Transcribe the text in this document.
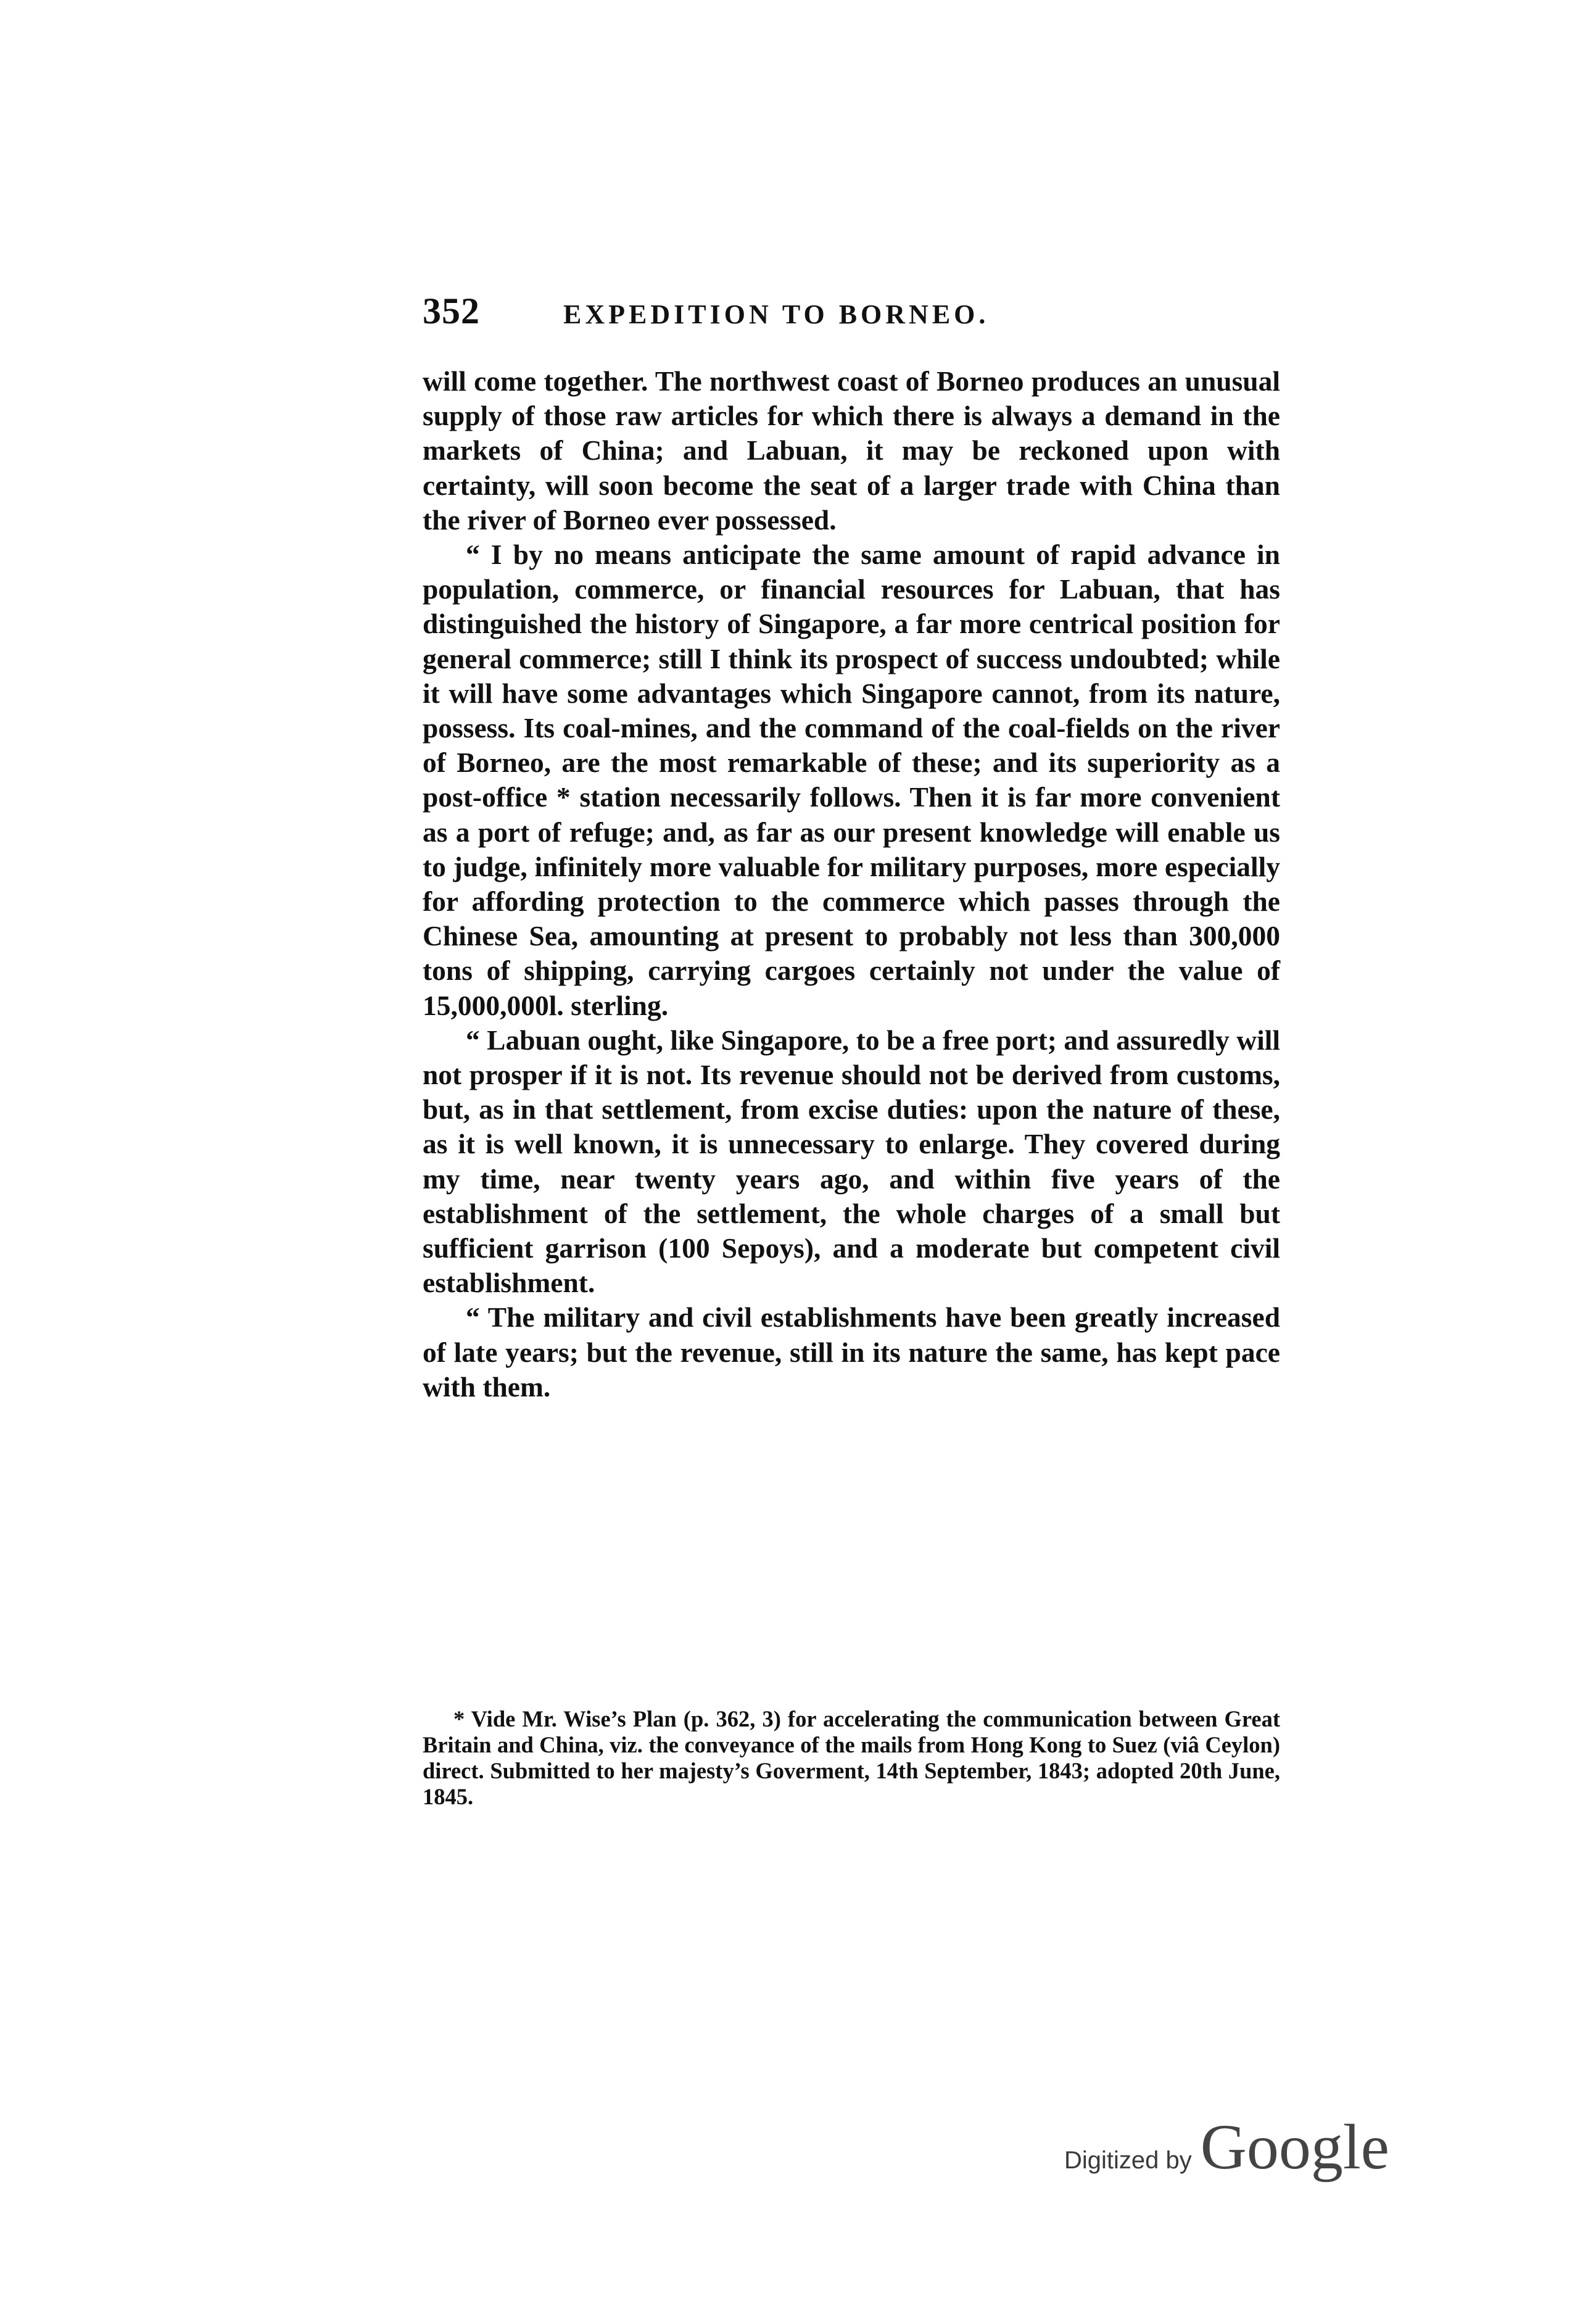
352	EXPEDITION TO BORNEO.

will come together. The northwest coast of Borneo produces an unusual supply of those raw articles for which there is always a demand in the markets of China; and Labuan, it may be reckoned upon with certainty, will soon become the seat of a larger trade with China than the river of Borneo ever possessed.

“ I by no means anticipate the same amount of rapid advance in population, commerce, or financial resources for Labuan, that has distinguished the history of Singapore, a far more centrical position for general commerce; still I think its prospect of success undoubted; while it will have some advantages which Singapore cannot, from its nature, possess. Its coal-mines, and the command of the coal-fields on the river of Borneo, are the most remarkable of these; and its superiority as a post-office * station necessarily follows. Then it is far more convenient as a port of refuge; and, as far as our present knowledge will enable us to judge, infinitely more valuable for military purposes, more especially for affording protection to the commerce which passes through the Chinese Sea, amounting at present to probably not less than 300,000 tons of shipping, carrying cargoes certainly not under the value of 15,000,000l. sterling.

“ Labuan ought, like Singapore, to be a free port; and assuredly will not prosper if it is not. Its revenue should not be derived from customs, but, as in that settlement, from excise duties: upon the nature of these, as it is well known, it is unnecessary to enlarge. They covered during my time, near twenty years ago, and within five years of the establishment of the settlement, the whole charges of a small but sufficient garrison (100 Sepoys), and a moderate but competent civil establishment.

“ The military and civil establishments have been greatly increased of late years; but the revenue, still in its nature the same, has kept pace with them.

* Vide Mr. Wise’s Plan (p. 362, 3) for accelerating the communication between Great Britain and China, viz. the conveyance of the mails from Hong Kong to Suez (viâ Ceylon) direct. Submitted to her majesty’s Goverment, 14th September, 1843; adopted 20th June, 1845.

Digitized by Google
